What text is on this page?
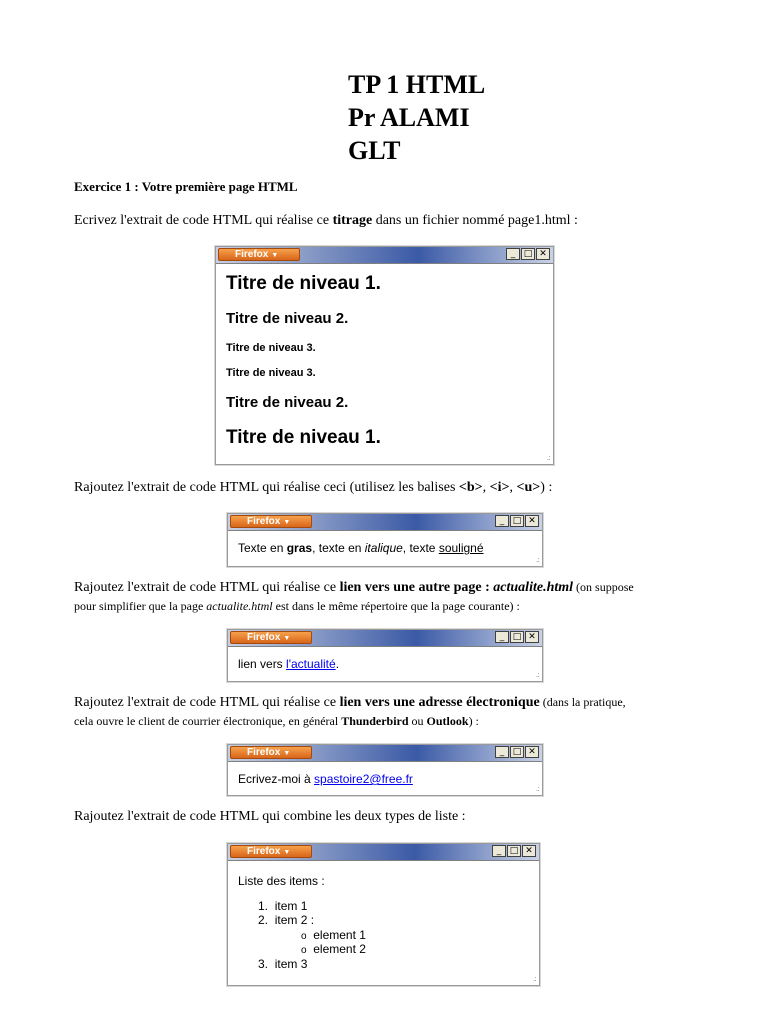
TP 1 HTML
Pr ALAMI
GLT
Exercice 1 : Votre première page HTML
Ecrivez l'extrait de code HTML qui réalise ce titrage dans un fichier nommé page1.html :
Firefox ▼	_ □ ✕
Titre de niveau 1.
Titre de niveau 2.
Titre de niveau 3.
Titre de niveau 3.
Titre de niveau 2.
Titre de niveau 1.
.:
Rajoutez l'extrait de code HTML qui réalise ceci (utilisez les balises <b>, <i>, <u>) :
Firefox ▼	_ □ ✕
Texte en gras, texte en italique, texte souligné
.:
Rajoutez l'extrait de code HTML qui réalise ce lien vers une autre page : actualite.html (on suppose
pour simplifier que la page actualite.html est dans le même répertoire que la page courante) :
Firefox ▼	_ □ ✕
lien vers l'actualité.
.:
Rajoutez l'extrait de code HTML qui réalise ce lien vers une adresse électronique (dans la pratique,
cela ouvre le client de courrier électronique, en général Thunderbird ou Outlook) :
Firefox ▼	_ □ ✕
Ecrivez-moi à spastoire2@free.fr
.:
Rajoutez l'extrait de code HTML qui combine les deux types de liste :
Firefox ▼	_ □ ✕
Liste des items :
1. item 1
2. item 2 :
o element 1
o element 2
3. item 3
.:
